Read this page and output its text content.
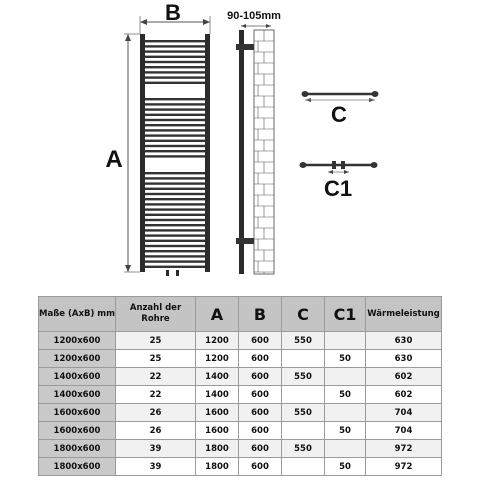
A
B	90-105mm
C
C1
Maße (AxB) mm	Anzahl der Rohre	A	B	C	C1	Wärmeleistung
1200x600	25	1200	600	550		630
1200x600	25	1200	600		50	630
1400x600	22	1400	600	550		602
1400x600	22	1400	600		50	602
1600x600	26	1600	600	550		704
1600x600	26	1600	600		50	704
1800x600	39	1800	600	550		972
1800x600	39	1800	600		50	972
